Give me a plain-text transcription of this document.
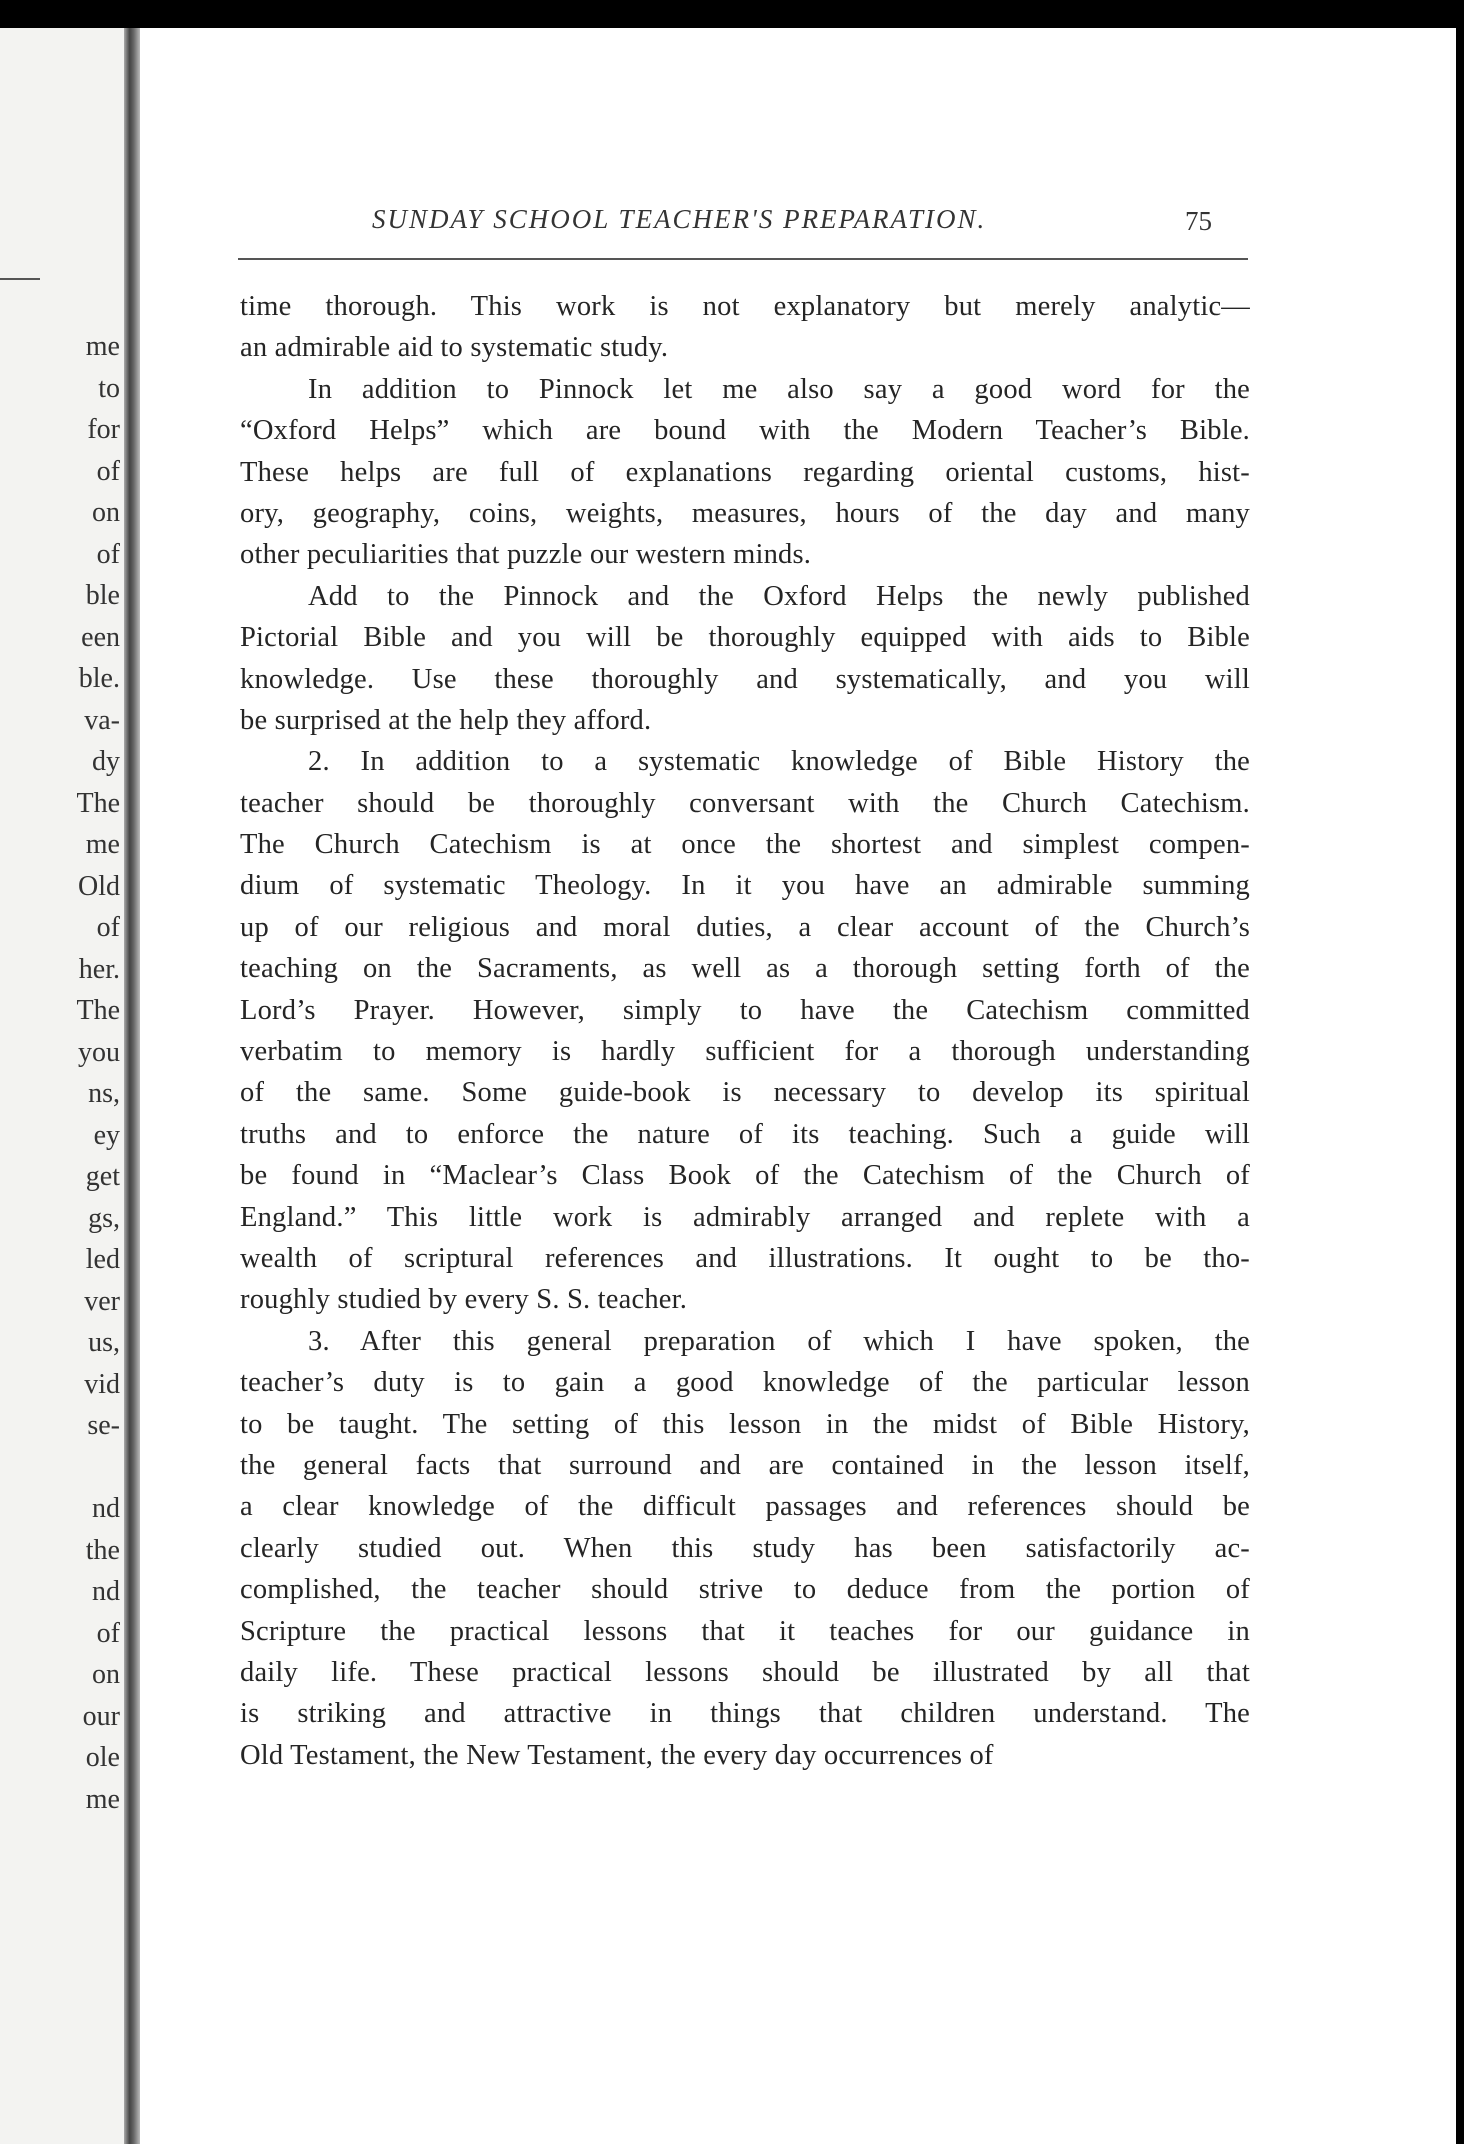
me
to
for
of
on
of
ble
een
ble.
va-
dy
The
me
Old
of
her.
The
you
ns,
ey
get
gs,
led
ver
us,
vid
se-
nd
the
nd
of
on
our
ole
me
SUNDAY SCHOOL TEACHER'S PREPARATION.	75
time thorough. This work is not explanatory but merely analytic—
an admirable aid to systematic study.
In addition to Pinnock let me also say a good word for the
“Oxford Helps” which are bound with the Modern Teacher’s Bible.
These helps are full of explanations regarding oriental customs, hist-
ory, geography, coins, weights, measures, hours of the day and many
other peculiarities that puzzle our western minds.
Add to the Pinnock and the Oxford Helps the newly published
Pictorial Bible and you will be thoroughly equipped with aids to Bible
knowledge. Use these thoroughly and systematically, and you will
be surprised at the help they afford.
2. In addition to a systematic knowledge of Bible History the
teacher should be thoroughly conversant with the Church Catechism.
The Church Catechism is at once the shortest and simplest compen-
dium of systematic Theology. In it you have an admirable summing
up of our religious and moral duties, a clear account of the Church’s
teaching on the Sacraments, as well as a thorough setting forth of the
Lord’s Prayer. However, simply to have the Catechism committed
verbatim to memory is hardly sufficient for a thorough understanding
of the same. Some guide-book is necessary to develop its spiritual
truths and to enforce the nature of its teaching. Such a guide will
be found in “Maclear’s Class Book of the Catechism of the Church of
England.” This little work is admirably arranged and replete with a
wealth of scriptural references and illustrations. It ought to be tho-
roughly studied by every S. S. teacher.
3. After this general preparation of which I have spoken, the
teacher’s duty is to gain a good knowledge of the particular lesson
to be taught. The setting of this lesson in the midst of Bible History,
the general facts that surround and are contained in the lesson itself,
a clear knowledge of the difficult passages and references should be
clearly studied out. When this study has been satisfactorily ac-
complished, the teacher should strive to deduce from the portion of
Scripture the practical lessons that it teaches for our guidance in
daily life. These practical lessons should be illustrated by all that
is striking and attractive in things that children understand. The
Old Testament, the New Testament, the every day occurrences of
